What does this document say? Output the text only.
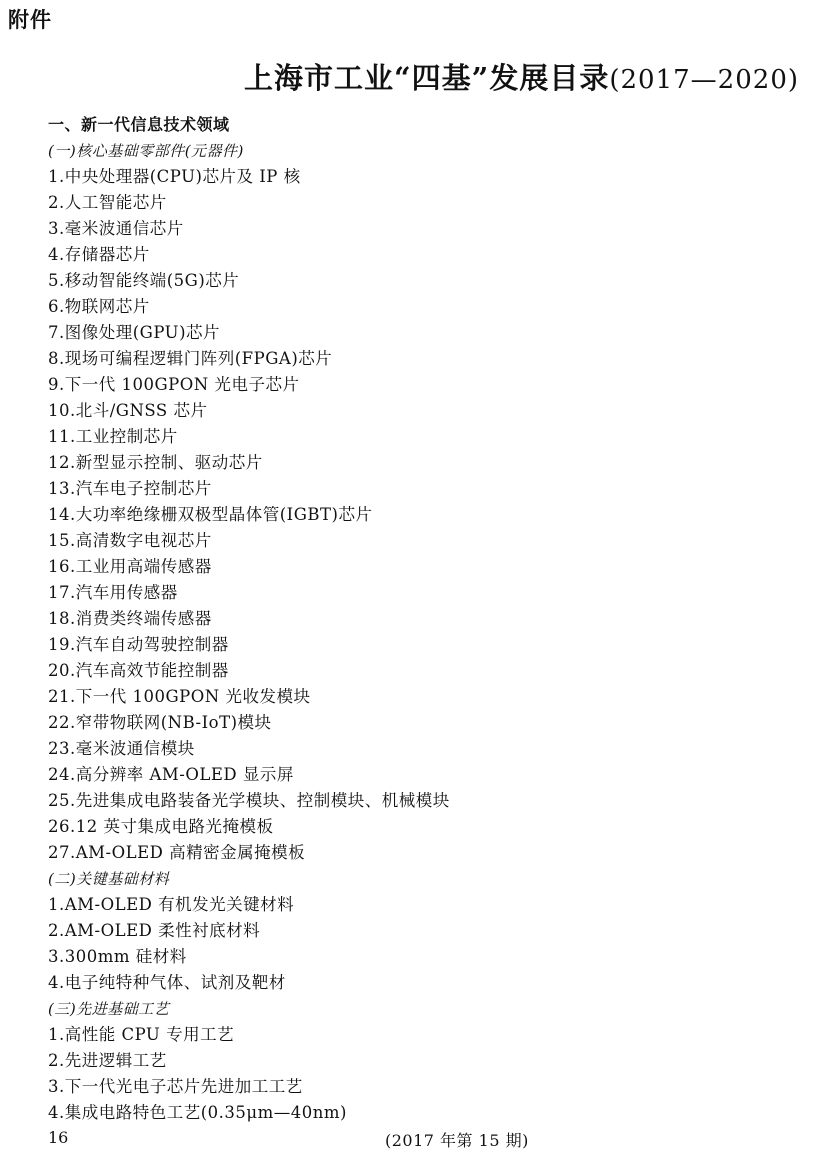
附件
上海市工业“四基”发展目录(2017—2020)
一、新一代信息技术领域
(一)核心基础零部件(元器件)
1.中央处理器(CPU)芯片及 IP 核
2.人工智能芯片
3.毫米波通信芯片
4.存储器芯片
5.移动智能终端(5G)芯片
6.物联网芯片
7.图像处理(GPU)芯片
8.现场可编程逻辑门阵列(FPGA)芯片
9.下一代 100GPON 光电子芯片
10.北斗/GNSS 芯片
11.工业控制芯片
12.新型显示控制、驱动芯片
13.汽车电子控制芯片
14.大功率绝缘栅双极型晶体管(IGBT)芯片
15.高清数字电视芯片
16.工业用高端传感器
17.汽车用传感器
18.消费类终端传感器
19.汽车自动驾驶控制器
20.汽车高效节能控制器
21.下一代 100GPON 光收发模块
22.窄带物联网(NB-IoT)模块
23.毫米波通信模块
24.高分辨率 AM-OLED 显示屏
25.先进集成电路装备光学模块、控制模块、机械模块
26.12 英寸集成电路光掩模板
27.AM-OLED 高精密金属掩模板
(二)关键基础材料
1.AM-OLED 有机发光关键材料
2.AM-OLED 柔性衬底材料
3.300mm 硅材料
4.电子纯特种气体、试剂及靶材
(三)先进基础工艺
1.高性能 CPU 专用工艺
2.先进逻辑工艺
3.下一代光电子芯片先进加工工艺
4.集成电路特色工艺(0.35μm—40nm)
16	(2017 年第 15 期)
